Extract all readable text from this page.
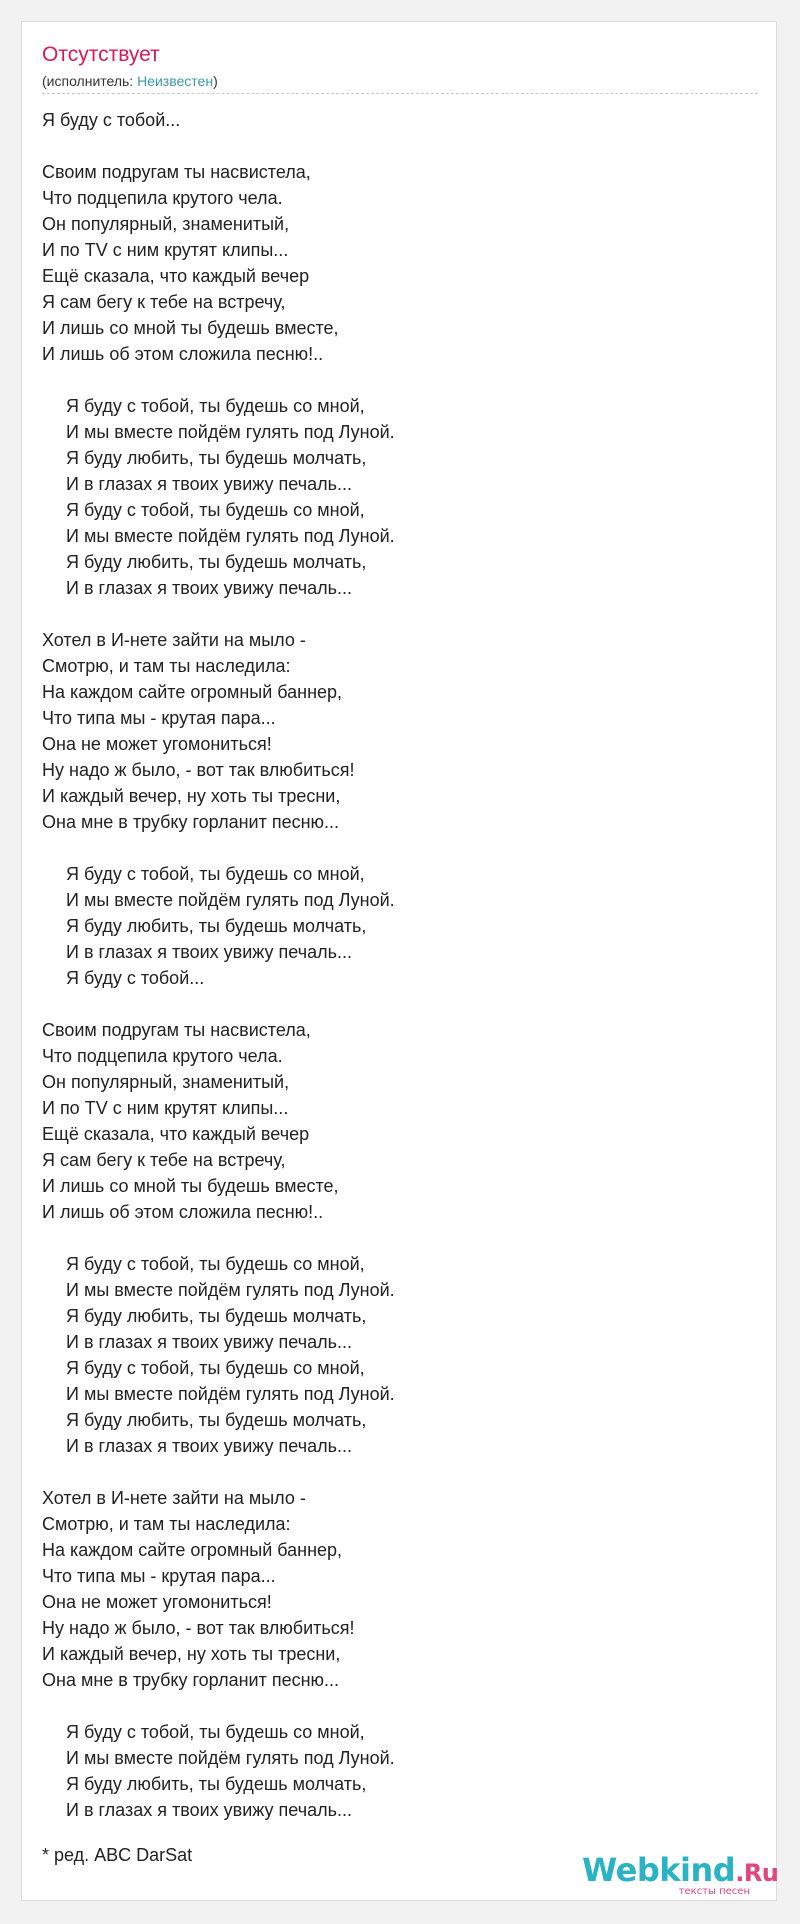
Отсутствует
(исполнитель: Неизвестен)
Я буду с тобой...
Своим подругам ты насвистела,
Что подцепила крутого чела.
Он популярный, знаменитый,
И по TV с ним крутят клипы...
Ещё сказала, что каждый вечер
Я сам бегу к тебе на встречу,
И лишь со мной ты будешь вместе,
И лишь об этом сложила песню!..
Я буду с тобой, ты будешь со мной,
И мы вместе пойдём гулять под Луной.
Я буду любить, ты будешь молчать,
И в глазах я твоих увижу печаль...
Я буду с тобой, ты будешь со мной,
И мы вместе пойдём гулять под Луной.
Я буду любить, ты будешь молчать,
И в глазах я твоих увижу печаль...
Хотел в И-нете зайти на мыло -
Смотрю, и там ты наследила:
На каждом сайте огромный баннер,
Что типа мы - крутая пара...
Она не может угомониться!
Ну надо ж было, - вот так влюбиться!
И каждый вечер, ну хоть ты тресни,
Она мне в трубку горланит песню...
Я буду с тобой, ты будешь со мной,
И мы вместе пойдём гулять под Луной.
Я буду любить, ты будешь молчать,
И в глазах я твоих увижу печаль...
Я буду с тобой...
Своим подругам ты насвистела,
Что подцепила крутого чела.
Он популярный, знаменитый,
И по TV с ним крутят клипы...
Ещё сказала, что каждый вечер
Я сам бегу к тебе на встречу,
И лишь со мной ты будешь вместе,
И лишь об этом сложила песню!..
Я буду с тобой, ты будешь со мной,
И мы вместе пойдём гулять под Луной.
Я буду любить, ты будешь молчать,
И в глазах я твоих увижу печаль...
Я буду с тобой, ты будешь со мной,
И мы вместе пойдём гулять под Луной.
Я буду любить, ты будешь молчать,
И в глазах я твоих увижу печаль...
Хотел в И-нете зайти на мыло -
Смотрю, и там ты наследила:
На каждом сайте огромный баннер,
Что типа мы - крутая пара...
Она не может угомониться!
Ну надо ж было, - вот так влюбиться!
И каждый вечер, ну хоть ты тресни,
Она мне в трубку горланит песню...
Я буду с тобой, ты будешь со мной,
И мы вместе пойдём гулять под Луной.
Я буду любить, ты будешь молчать,
И в глазах я твоих увижу печаль...
* ред. ABC DarSat	Webkind.Ru
тексты песен
